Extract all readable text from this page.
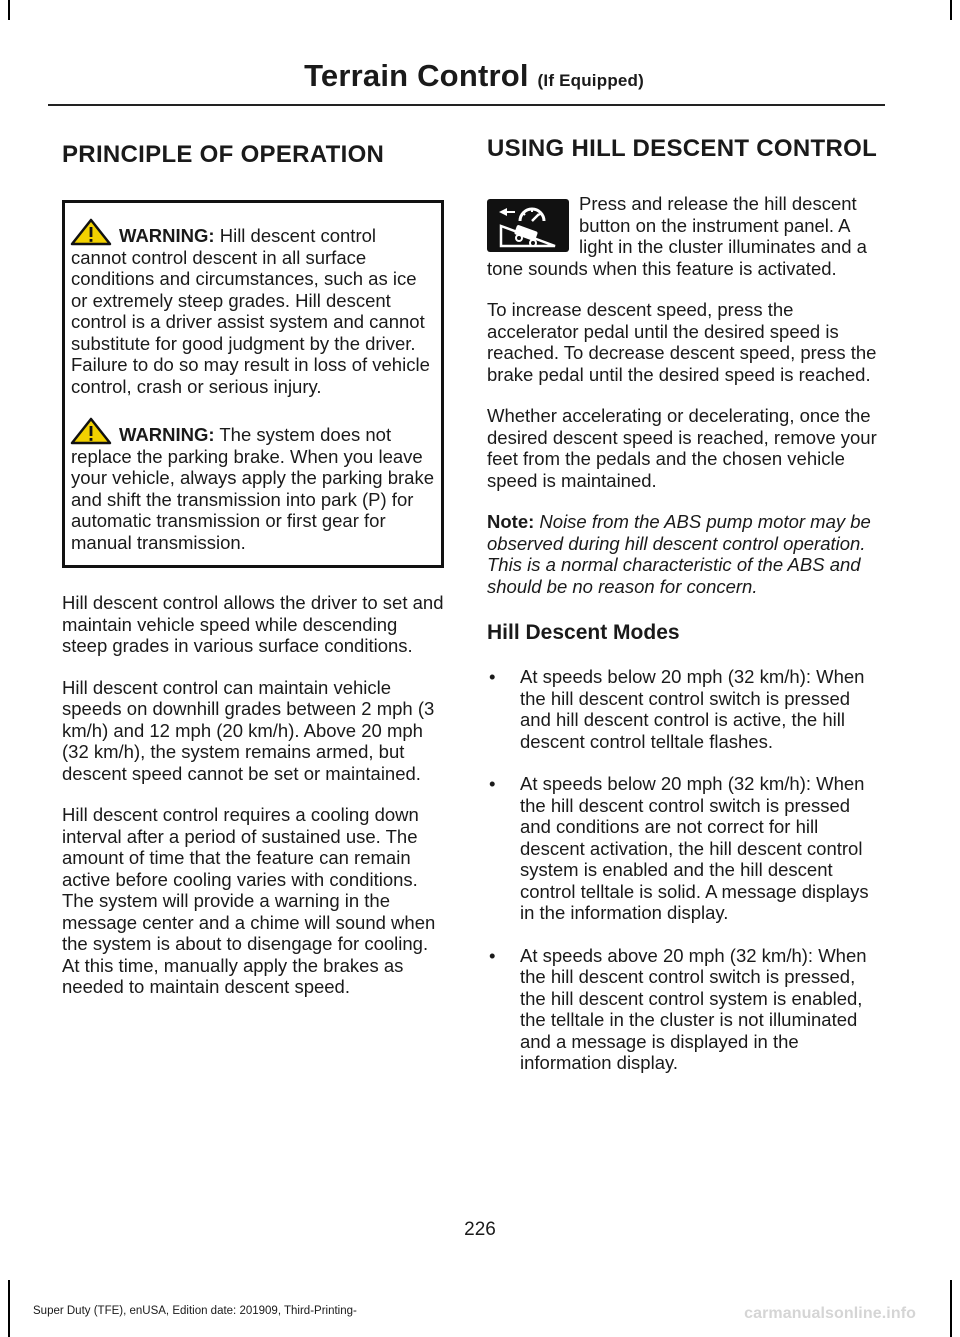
Terrain Control (If Equipped)
PRINCIPLE OF OPERATION

WARNING: Hill descent control cannot control descent in all surface conditions and circumstances, such as ice or extremely steep grades. Hill descent control is a driver assist system and cannot substitute for good judgment by the driver. Failure to do so may result in loss of vehicle control, crash or serious injury.

WARNING: The system does not replace the parking brake. When you leave your vehicle, always apply the parking brake and shift the transmission into park (P) for automatic transmission or first gear for manual transmission.

Hill descent control allows the driver to set and maintain vehicle speed while descending steep grades in various surface conditions.

Hill descent control can maintain vehicle speeds on downhill grades between 2 mph (3 km/h) and 12 mph (20 km/h). Above 20 mph (32 km/h), the system remains armed, but descent speed cannot be set or maintained.

Hill descent control requires a cooling down interval after a period of sustained use. The amount of time that the feature can remain active before cooling varies with conditions. The system will provide a warning in the message center and a chime will sound when the system is about to disengage for cooling. At this time, manually apply the brakes as needed to maintain descent speed.

USING HILL DESCENT CONTROL

Press and release the hill descent button on the instrument panel. A light in the cluster illuminates and a tone sounds when this feature is activated.

To increase descent speed, press the accelerator pedal until the desired speed is reached. To decrease descent speed, press the brake pedal until the desired speed is reached.

Whether accelerating or decelerating, once the desired descent speed is reached, remove your feet from the pedals and the chosen vehicle speed is maintained.

Note: Noise from the ABS pump motor may be observed during hill descent control operation. This is a normal characteristic of the ABS and should be no reason for concern.

Hill Descent Modes
• At speeds below 20 mph (32 km/h): When the hill descent control switch is pressed and hill descent control is active, the hill descent control telltale flashes.
• At speeds below 20 mph (32 km/h): When the hill descent control switch is pressed and conditions are not correct for hill descent activation, the hill descent control system is enabled and the hill descent control telltale is solid. A message displays in the information display.
• At speeds above 20 mph (32 km/h): When the hill descent control switch is pressed, the hill descent control system is enabled, the telltale in the cluster is not illuminated and a message is displayed in the information display.
226
Super Duty (TFE), enUSA, Edition date: 201909, Third-Printing-	carmanualsonline.info
